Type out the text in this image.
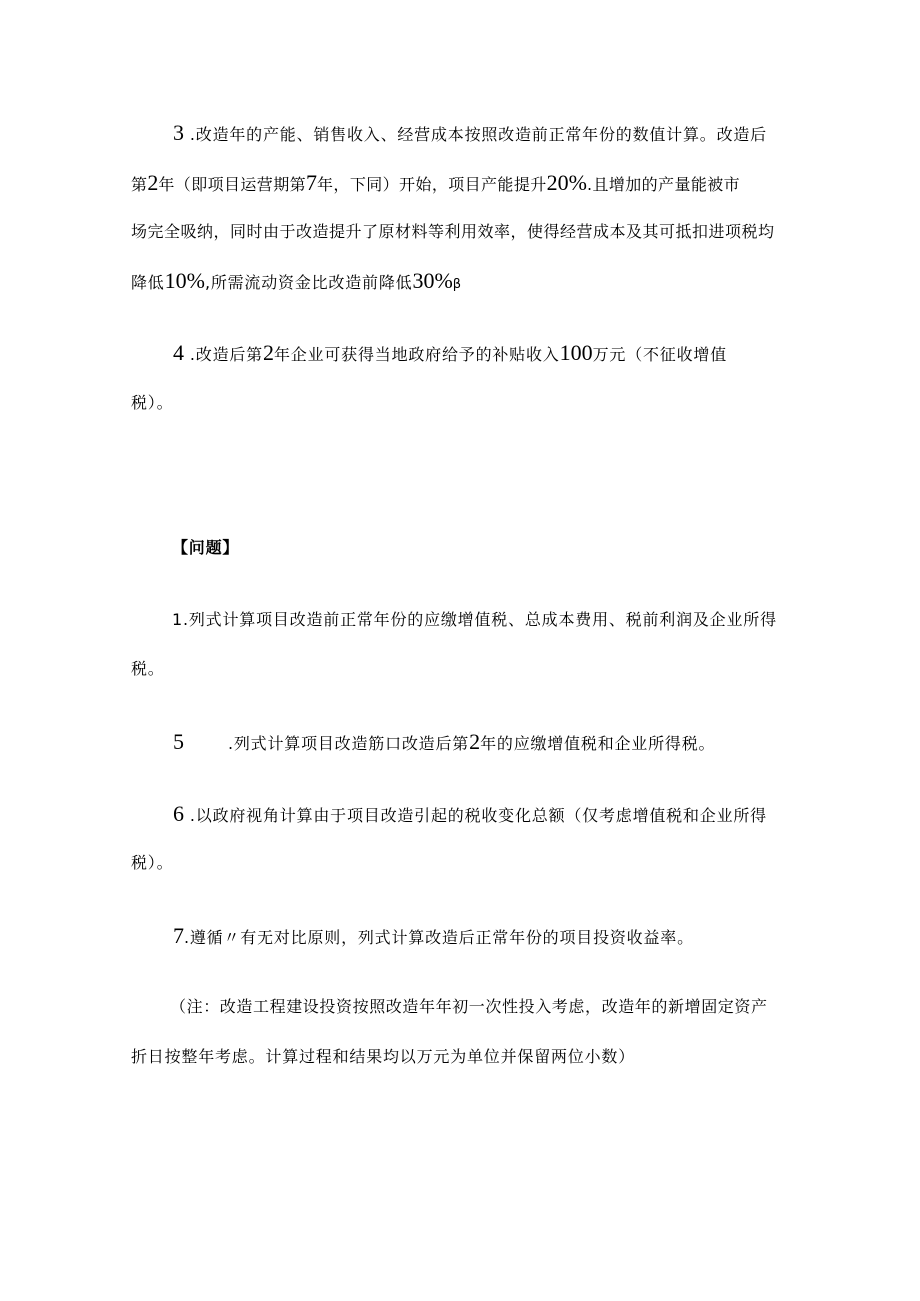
3 .改造年的产能、销售收入、经营成本按照改造前正常年份的数值计算。改造后
第2年（即项目运营期第7年，下同）开始，项目产能提升20%.且增加的产量能被市
场完全吸纳，同时由于改造提升了原材料等利用效率，使得经营成本及其可抵扣进项税均
降低10%,所需流动资金比改造前降低30%β
4 .改造后第2年企业可获得当地政府给予的补贴收入100万元（不征收增值
税）。
【问题】
1.列式计算项目改造前正常年份的应缴增值税、总成本费用、税前利润及企业所得
税。
5	.列式计算项目改造筋口改造后第2年的应缴增值税和企业所得税。
6 .以政府视角计算由于项目改造引起的税收变化总额（仅考虑增值税和企业所得
税）。
7.遵循〃有无对比原则，列式计算改造后正常年份的项目投资收益率。
（注：改造工程建设投资按照改造年年初一次性投入考虑，改造年的新增固定资产
折日按整年考虑。计算过程和结果均以万元为单位并保留两位小数）
